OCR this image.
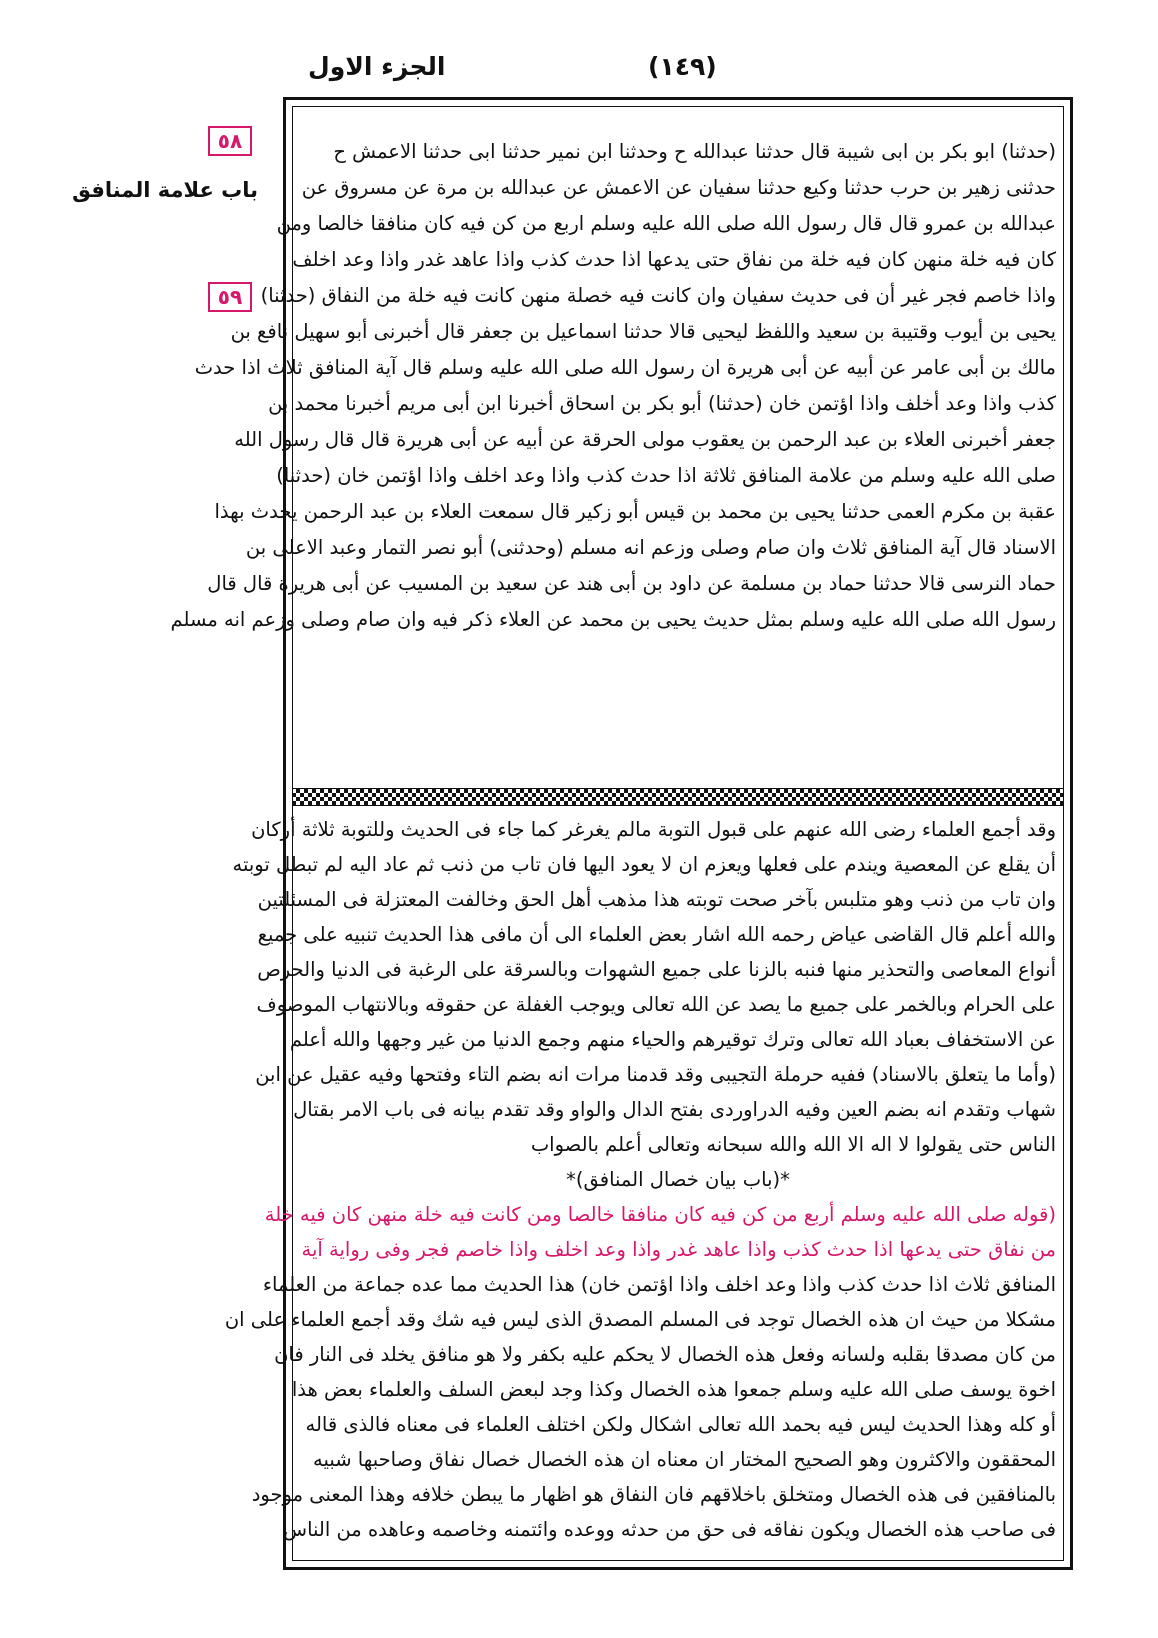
الجزء الاول	(١٤٩)
٥٨
باب علامة المنافق
٥٩
(حدثنا) ابو بكر بن ابى شيبة قال حدثنا عبدالله ح وحدثنا ابن نمير حدثنا ابى حدثنا الاعمش ح
حدثنى زهير بن حرب حدثنا وكيع حدثنا سفيان عن الاعمش عن عبدالله بن مرة عن مسروق عن
عبدالله بن عمرو قال قال رسول الله صلى الله عليه وسلم اربع من كن فيه كان منافقا خالصا ومن
كان فيه خلة منهن كان فيه خلة من نفاق حتى يدعها اذا حدث كذب واذا عاهد غدر واذا وعد اخلف
واذا خاصم فجر غير أن فى حديث سفيان وان كانت فيه خصلة منهن كانت فيه خلة من النفاق (حدثنا)
يحيى بن أيوب وقتيبة بن سعيد واللفظ ليحيى قالا حدثنا اسماعيل بن جعفر قال أخبرنى أبو سهيل نافع بن
مالك بن أبى عامر عن أبيه عن أبى هريرة ان رسول الله صلى الله عليه وسلم قال آية المنافق ثلاث اذا حدث
كذب واذا وعد أخلف واذا اؤتمن خان (حدثنا) أبو بكر بن اسحاق أخبرنا ابن أبى مريم أخبرنا محمد بن
جعفر أخبرنى العلاء بن عبد الرحمن بن يعقوب مولى الحرقة عن أبيه عن أبى هريرة قال قال رسول الله
صلى الله عليه وسلم من علامة المنافق ثلاثة اذا حدث كذب واذا وعد اخلف واذا اؤتمن خان (حدثنا)
عقبة بن مكرم العمى حدثنا يحيى بن محمد بن قيس أبو زكير قال سمعت العلاء بن عبد الرحمن يحدث بهذا
الاسناد قال آية المنافق ثلاث وان صام وصلى وزعم انه مسلم (وحدثنى) أبو نصر التمار وعبد الاعلى بن
حماد النرسى قالا حدثنا حماد بن مسلمة عن داود بن أبى هند عن سعيد بن المسيب عن أبى هريرة قال قال
رسول الله صلى الله عليه وسلم بمثل حديث يحيى بن محمد عن العلاء ذكر فيه وان صام وصلى وزعم انه مسلم
وقد أجمع العلماء رضى الله عنهم على قبول التوبة مالم يغرغر كما جاء فى الحديث وللتوبة ثلاثة أركان
أن يقلع عن المعصية ويندم على فعلها ويعزم ان لا يعود اليها فان تاب من ذنب ثم عاد اليه لم تبطل توبته
وان تاب من ذنب وهو متلبس بآخر صحت توبته هذا مذهب أهل الحق وخالفت المعتزلة فى المسئلتين
والله أعلم قال القاضى عياض رحمه الله اشار بعض العلماء الى أن مافى هذا الحديث تنبيه على جميع
أنواع المعاصى والتحذير منها فنبه بالزنا على جميع الشهوات وبالسرقة على الرغبة فى الدنيا والحرص
على الحرام وبالخمر على جميع ما يصد عن الله تعالى ويوجب الغفلة عن حقوقه وبالانتهاب الموصوف
عن الاستخفاف بعباد الله تعالى وترك توقيرهم والحياء منهم وجمع الدنيا من غير وجهها والله أعلم
(وأما ما يتعلق بالاسناد) ففيه حرملة التجيبى وقد قدمنا مرات انه بضم التاء وفتحها وفيه عقيل عن ابن
شهاب وتقدم انه بضم العين وفيه الدراوردى بفتح الدال والواو وقد تقدم بيانه فى باب الامر بقتال
الناس حتى يقولوا لا اله الا الله والله سبحانه وتعالى أعلم بالصواب
*(باب بيان خصال المنافق)*
(قوله صلى الله عليه وسلم أربع من كن فيه كان منافقا خالصا ومن كانت فيه خلة منهن كان فيه خلة
من نفاق حتى يدعها اذا حدث كذب واذا عاهد غدر واذا وعد اخلف واذا خاصم فجر وفى رواية آية
المنافق ثلاث اذا حدث كذب واذا وعد اخلف واذا اؤتمن خان) هذا الحديث مما عده جماعة من العلماء
مشكلا من حيث ان هذه الخصال توجد فى المسلم المصدق الذى ليس فيه شك وقد أجمع العلماء على ان
من كان مصدقا بقلبه ولسانه وفعل هذه الخصال لا يحكم عليه بكفر ولا هو منافق يخلد فى النار فان
اخوة يوسف صلى الله عليه وسلم جمعوا هذه الخصال وكذا وجد لبعض السلف والعلماء بعض هذا
أو كله وهذا الحديث ليس فيه بحمد الله تعالى اشكال ولكن اختلف العلماء فى معناه فالذى قاله
المحققون والاكثرون وهو الصحيح المختار ان معناه ان هذه الخصال خصال نفاق وصاحبها شبيه
بالمنافقين فى هذه الخصال ومتخلق باخلاقهم فان النفاق هو اظهار ما يبطن خلافه وهذا المعنى موجود
فى صاحب هذه الخصال ويكون نفاقه فى حق من حدثه ووعده وائتمنه وخاصمه وعاهده من الناس
